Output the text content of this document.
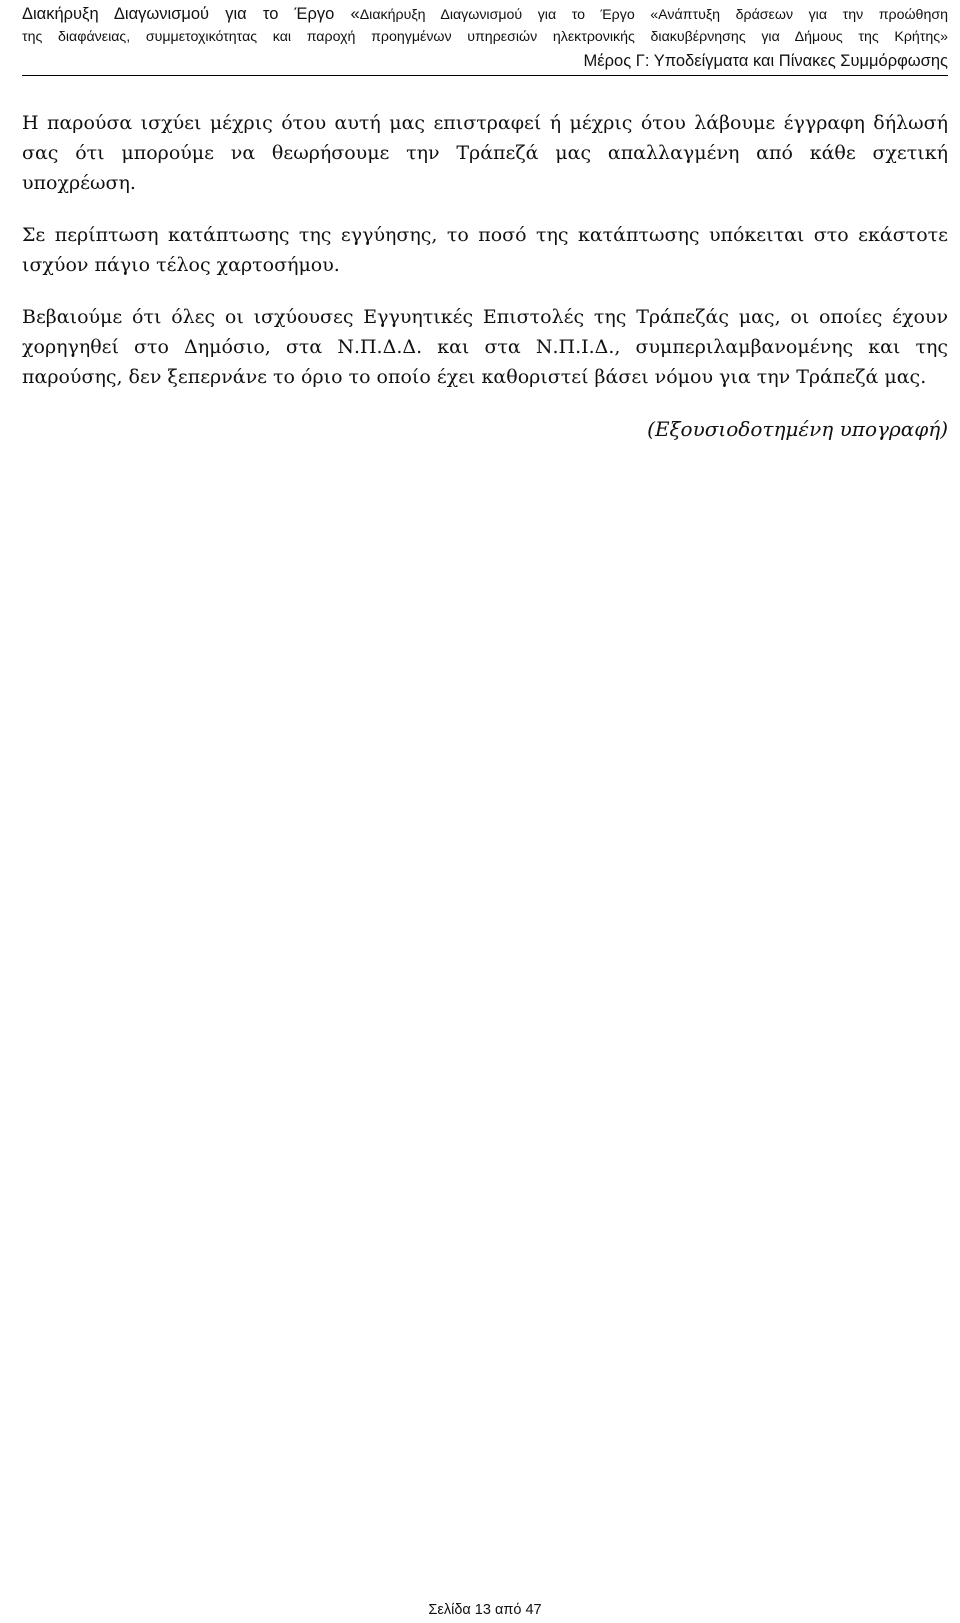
Διακήρυξη Διαγωνισμού για το Έργο «Διακήρυξη Διαγωνισμού για το Έργο «Ανάπτυξη δράσεων για την προώθηση

της διαφάνειας, συμμετοχικότητας και παροχή προηγμένων υπηρεσιών ηλεκτρονικής διακυβέρνησης για Δήμους της Κρήτης»

Μέρος Γ: Υποδείγματα και Πίνακες Συμμόρφωσης

Η παρούσα ισχύει μέχρις ότου αυτή μας επιστραφεί ή μέχρις ότου λάβουμε έγγραφη δήλωσή σας ότι μπορούμε να θεωρήσουμε την Τράπεζά μας απαλλαγμένη από κάθε σχετική υποχρέωση.

Σε περίπτωση κατάπτωσης της εγγύησης, το ποσό της κατάπτωσης υπόκειται στο εκάστοτε ισχύον πάγιο τέλος χαρτοσήμου.

Βεβαιούμε ότι όλες οι ισχύουσες Εγγυητικές Επιστολές της Τράπεζάς μας, οι οποίες έχουν χορηγηθεί στο Δημόσιο, στα Ν.Π.Δ.Δ. και στα Ν.Π.Ι.Δ., συμπεριλαμβανομένης και της παρούσης, δεν ξεπερνάνε το όριο το οποίο έχει καθοριστεί βάσει νόμου για την Τράπεζά μας.

(Εξουσιοδοτημένη υπογραφή)

Σελίδα 13 από 47
